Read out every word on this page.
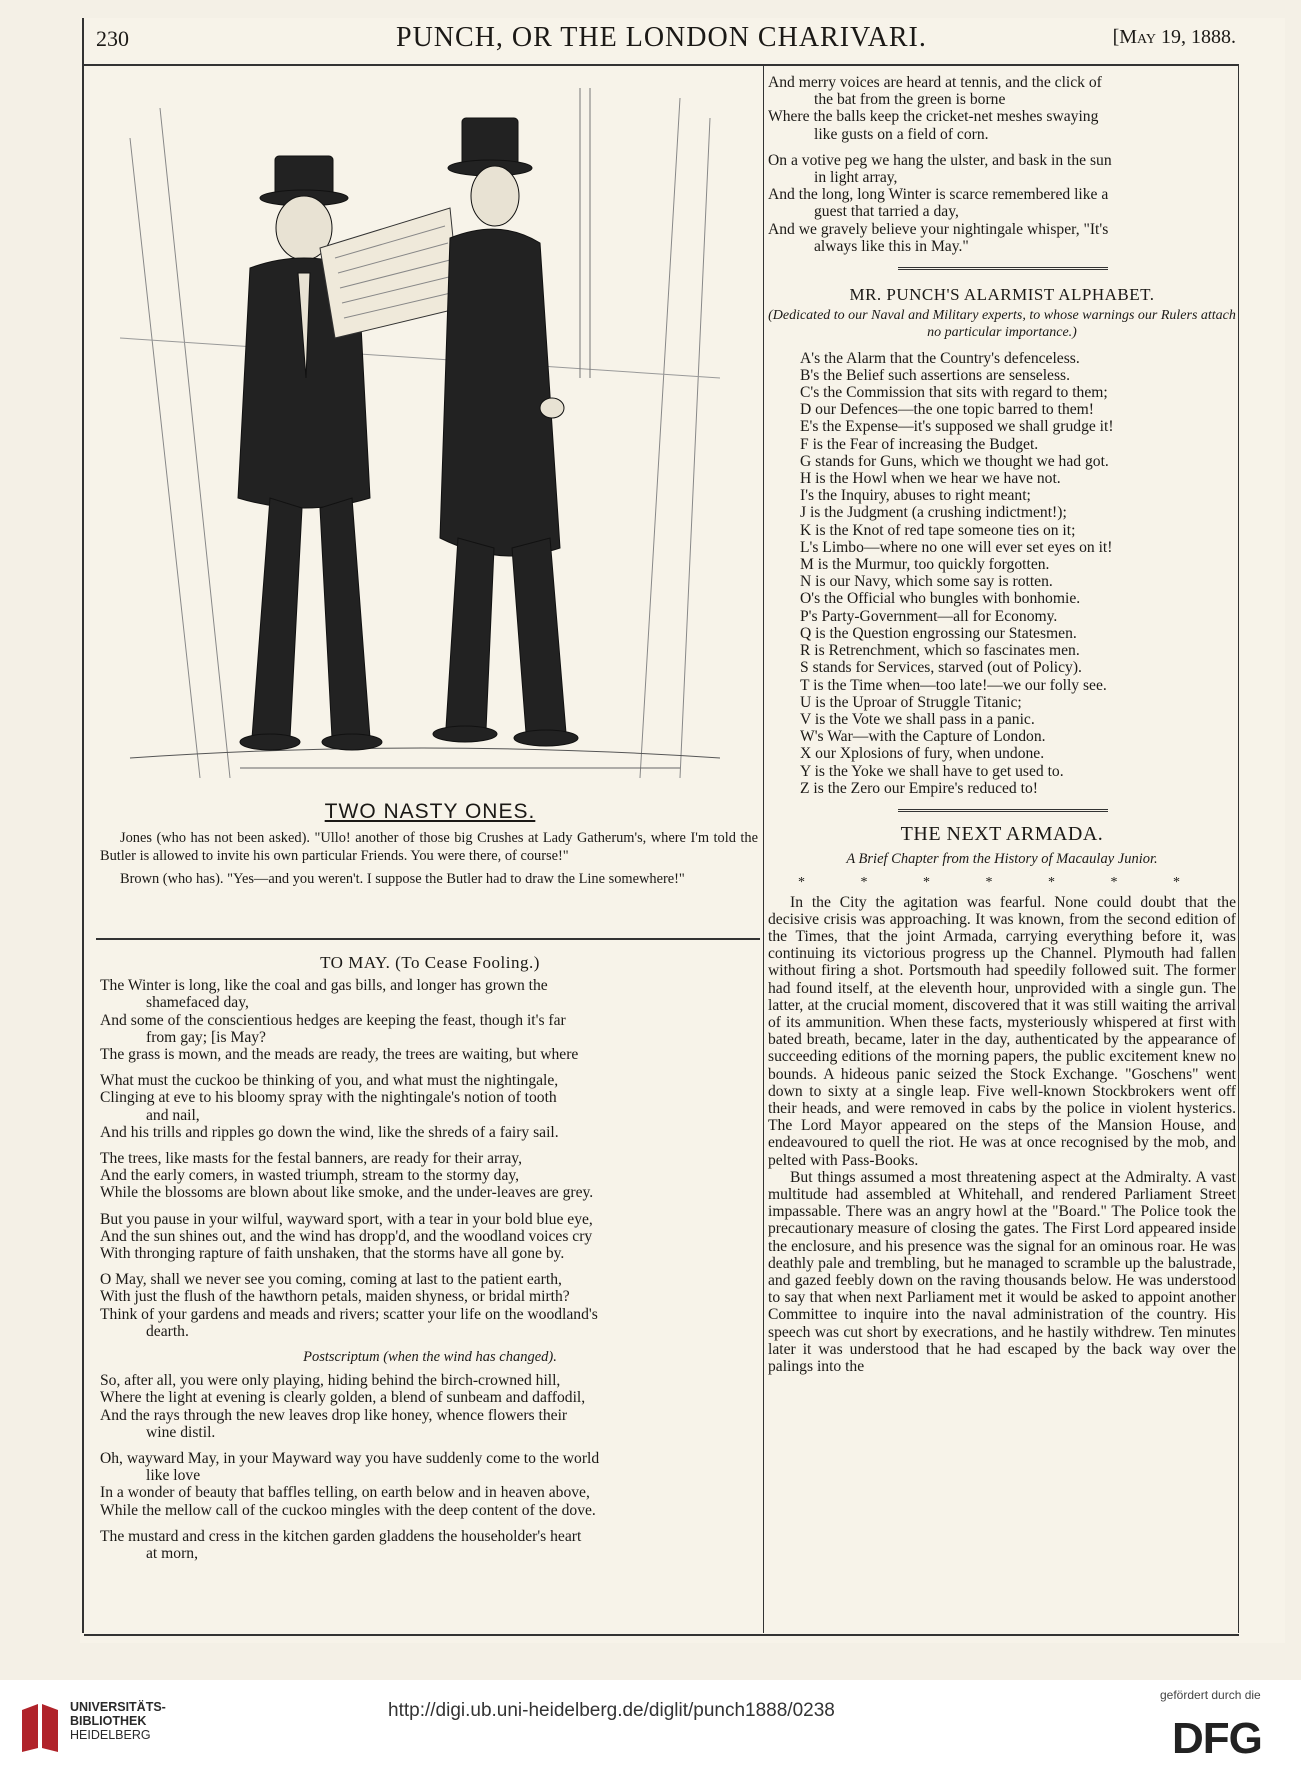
230	PUNCH, OR THE LONDON CHARIVARI.	[May 19, 1888.
TWO NASTY ONES.

Jones (who has not been asked). "Ullo! another of those big Crushes at Lady Gatherum's, where I'm told the Butler is allowed to invite his own particular Friends. You were there, of course!"

Brown (who has). "Yes—and you weren't. I suppose the Butler had to draw the Line somewhere!"

TO MAY. (To Cease Fooling.)

The Winter is long, like the coal and gas bills, and longer has grown the

shamefaced day,

And some of the conscientious hedges are keeping the feast, though it's far

from gay; [is May?

The grass is mown, and the meads are ready, the trees are waiting, but where

What must the cuckoo be thinking of you, and what must the nightingale,

Clinging at eve to his bloomy spray with the nightingale's notion of tooth

and nail,

And his trills and ripples go down the wind, like the shreds of a fairy sail.

The trees, like masts for the festal banners, are ready for their array,

And the early comers, in wasted triumph, stream to the stormy day,

While the blossoms are blown about like smoke, and the under-leaves are grey.

But you pause in your wilful, wayward sport, with a tear in your bold blue eye,

And the sun shines out, and the wind has dropp'd, and the woodland voices cry

With thronging rapture of faith unshaken, that the storms have all gone by.

O May, shall we never see you coming, coming at last to the patient earth,

With just the flush of the hawthorn petals, maiden shyness, or bridal mirth?

Think of your gardens and meads and rivers; scatter your life on the woodland's

dearth.

Postscriptum (when the wind has changed).

So, after all, you were only playing, hiding behind the birch-crowned hill,

Where the light at evening is clearly golden, a blend of sunbeam and daffodil,

And the rays through the new leaves drop like honey, whence flowers their

wine distil.

Oh, wayward May, in your Mayward way you have suddenly come to the world

like love

In a wonder of beauty that baffles telling, on earth below and in heaven above,

While the mellow call of the cuckoo mingles with the deep content of the dove.

The mustard and cress in the kitchen garden gladdens the householder's heart

at morn,

And merry voices are heard at tennis, and the click of

the bat from the green is borne

Where the balls keep the cricket-net meshes swaying

like gusts on a field of corn.

On a votive peg we hang the ulster, and bask in the sun

in light array,

And the long, long Winter is scarce remembered like a

guest that tarried a day,

And we gravely believe your nightingale whisper, "It's

always like this in May."

MR. PUNCH'S ALARMIST ALPHABET.

(Dedicated to our Naval and Military experts, to whose warnings our Rulers attach no particular importance.)

A's the Alarm that the Country's defenceless.

B's the Belief such assertions are senseless.

C's the Commission that sits with regard to them;

D our Defences—the one topic barred to them!

E's the Expense—it's supposed we shall grudge it!

F is the Fear of increasing the Budget.

G stands for Guns, which we thought we had got.

H is the Howl when we hear we have not.

I's the Inquiry, abuses to right meant;

J is the Judgment (a crushing indictment!);

K is the Knot of red tape someone ties on it;

L's Limbo—where no one will ever set eyes on it!

M is the Murmur, too quickly forgotten.

N is our Navy, which some say is rotten.

O's the Official who bungles with bonhomie.

P's Party-Government—all for Economy.

Q is the Question engrossing our Statesmen.

R is Retrenchment, which so fascinates men.

S stands for Services, starved (out of Policy).

T is the Time when—too late!—we our folly see.

U is the Uproar of Struggle Titanic;

V is the Vote we shall pass in a panic.

W's War—with the Capture of London.

X our Xplosions of fury, when undone.

Y is the Yoke we shall have to get used to.

Z is the Zero our Empire's reduced to!

THE NEXT ARMADA.

A Brief Chapter from the History of Macaulay Junior.

* * * * * * *

In the City the agitation was fearful. None could doubt that the decisive crisis was approaching. It was known, from the second edition of the Times, that the joint Armada, carrying everything before it, was continuing its victorious progress up the Channel. Plymouth had fallen without firing a shot. Portsmouth had speedily followed suit. The former had found itself, at the eleventh hour, unprovided with a single gun. The latter, at the crucial moment, discovered that it was still waiting the arrival of its ammunition. When these facts, mysteriously whispered at first with bated breath, became, later in the day, authenticated by the appearance of succeeding editions of the morning papers, the public excitement knew no bounds. A hideous panic seized the Stock Exchange. "Goschens" went down to sixty at a single leap. Five well-known Stockbrokers went off their heads, and were removed in cabs by the police in violent hysterics. The Lord Mayor appeared on the steps of the Mansion House, and endeavoured to quell the riot. He was at once recognised by the mob, and pelted with Pass-Books.

But things assumed a most threatening aspect at the Admiralty. A vast multitude had assembled at Whitehall, and rendered Parliament Street impassable. There was an angry howl at the "Board." The Police took the precautionary measure of closing the gates. The First Lord appeared inside the enclosure, and his presence was the signal for an ominous roar. He was deathly pale and trembling, but he managed to scramble up the balustrade, and gazed feebly down on the raving thousands below. He was understood to say that when next Parliament met it would be asked to appoint another Committee to inquire into the naval administration of the country. His speech was cut short by execrations, and he hastily withdrew. Ten minutes later it was understood that he had escaped by the back way over the palings into the

UNIVERSITÄTS-
BIBLIOTHEK
HEIDELBERG
http://digi.ub.uni-heidelberg.de/diglit/punch1888/0238
gefördert durch die
DFG
